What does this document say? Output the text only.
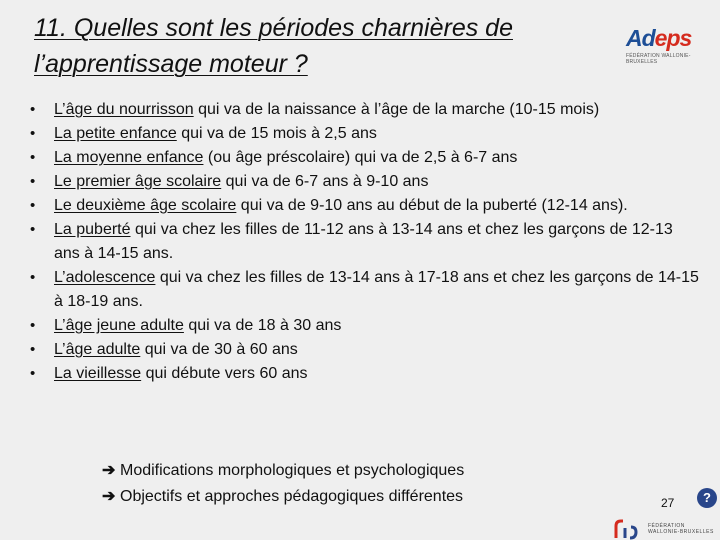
11. Quelles sont les périodes charnières de l’apprentissage moteur ?
Adeps
FÉDÉRATION WALLONIE-BRUXELLES
• L’âge du nourrisson qui va de la naissance à l’âge de la marche (10-15 mois)
• La petite enfance qui va de 15 mois à 2,5 ans
• La moyenne enfance (ou âge préscolaire) qui va de 2,5 à 6-7 ans
• Le premier âge scolaire qui va de 6-7 ans à 9-10 ans
• Le deuxième âge scolaire qui va de 9-10 ans au début de la puberté (12-14 ans).
• La puberté qui va chez les filles de 11-12 ans à 13-14 ans et chez les garçons de 12-13 ans à 14-15 ans.
• L’adolescence qui va chez les filles de 13-14 ans à 17-18 ans et chez les garçons de 14-15 à 18-19 ans.
• L’âge jeune adulte qui va de 18 à 30 ans
• L’âge adulte qui va de 30 à 60 ans
• La vieillesse qui débute vers 60 ans
➔ Modifications morphologiques et psychologiques
➔ Objectifs et approches pédagogiques différentes	27	?
FÉDÉRATION
WALLONIE-BRUXELLES
